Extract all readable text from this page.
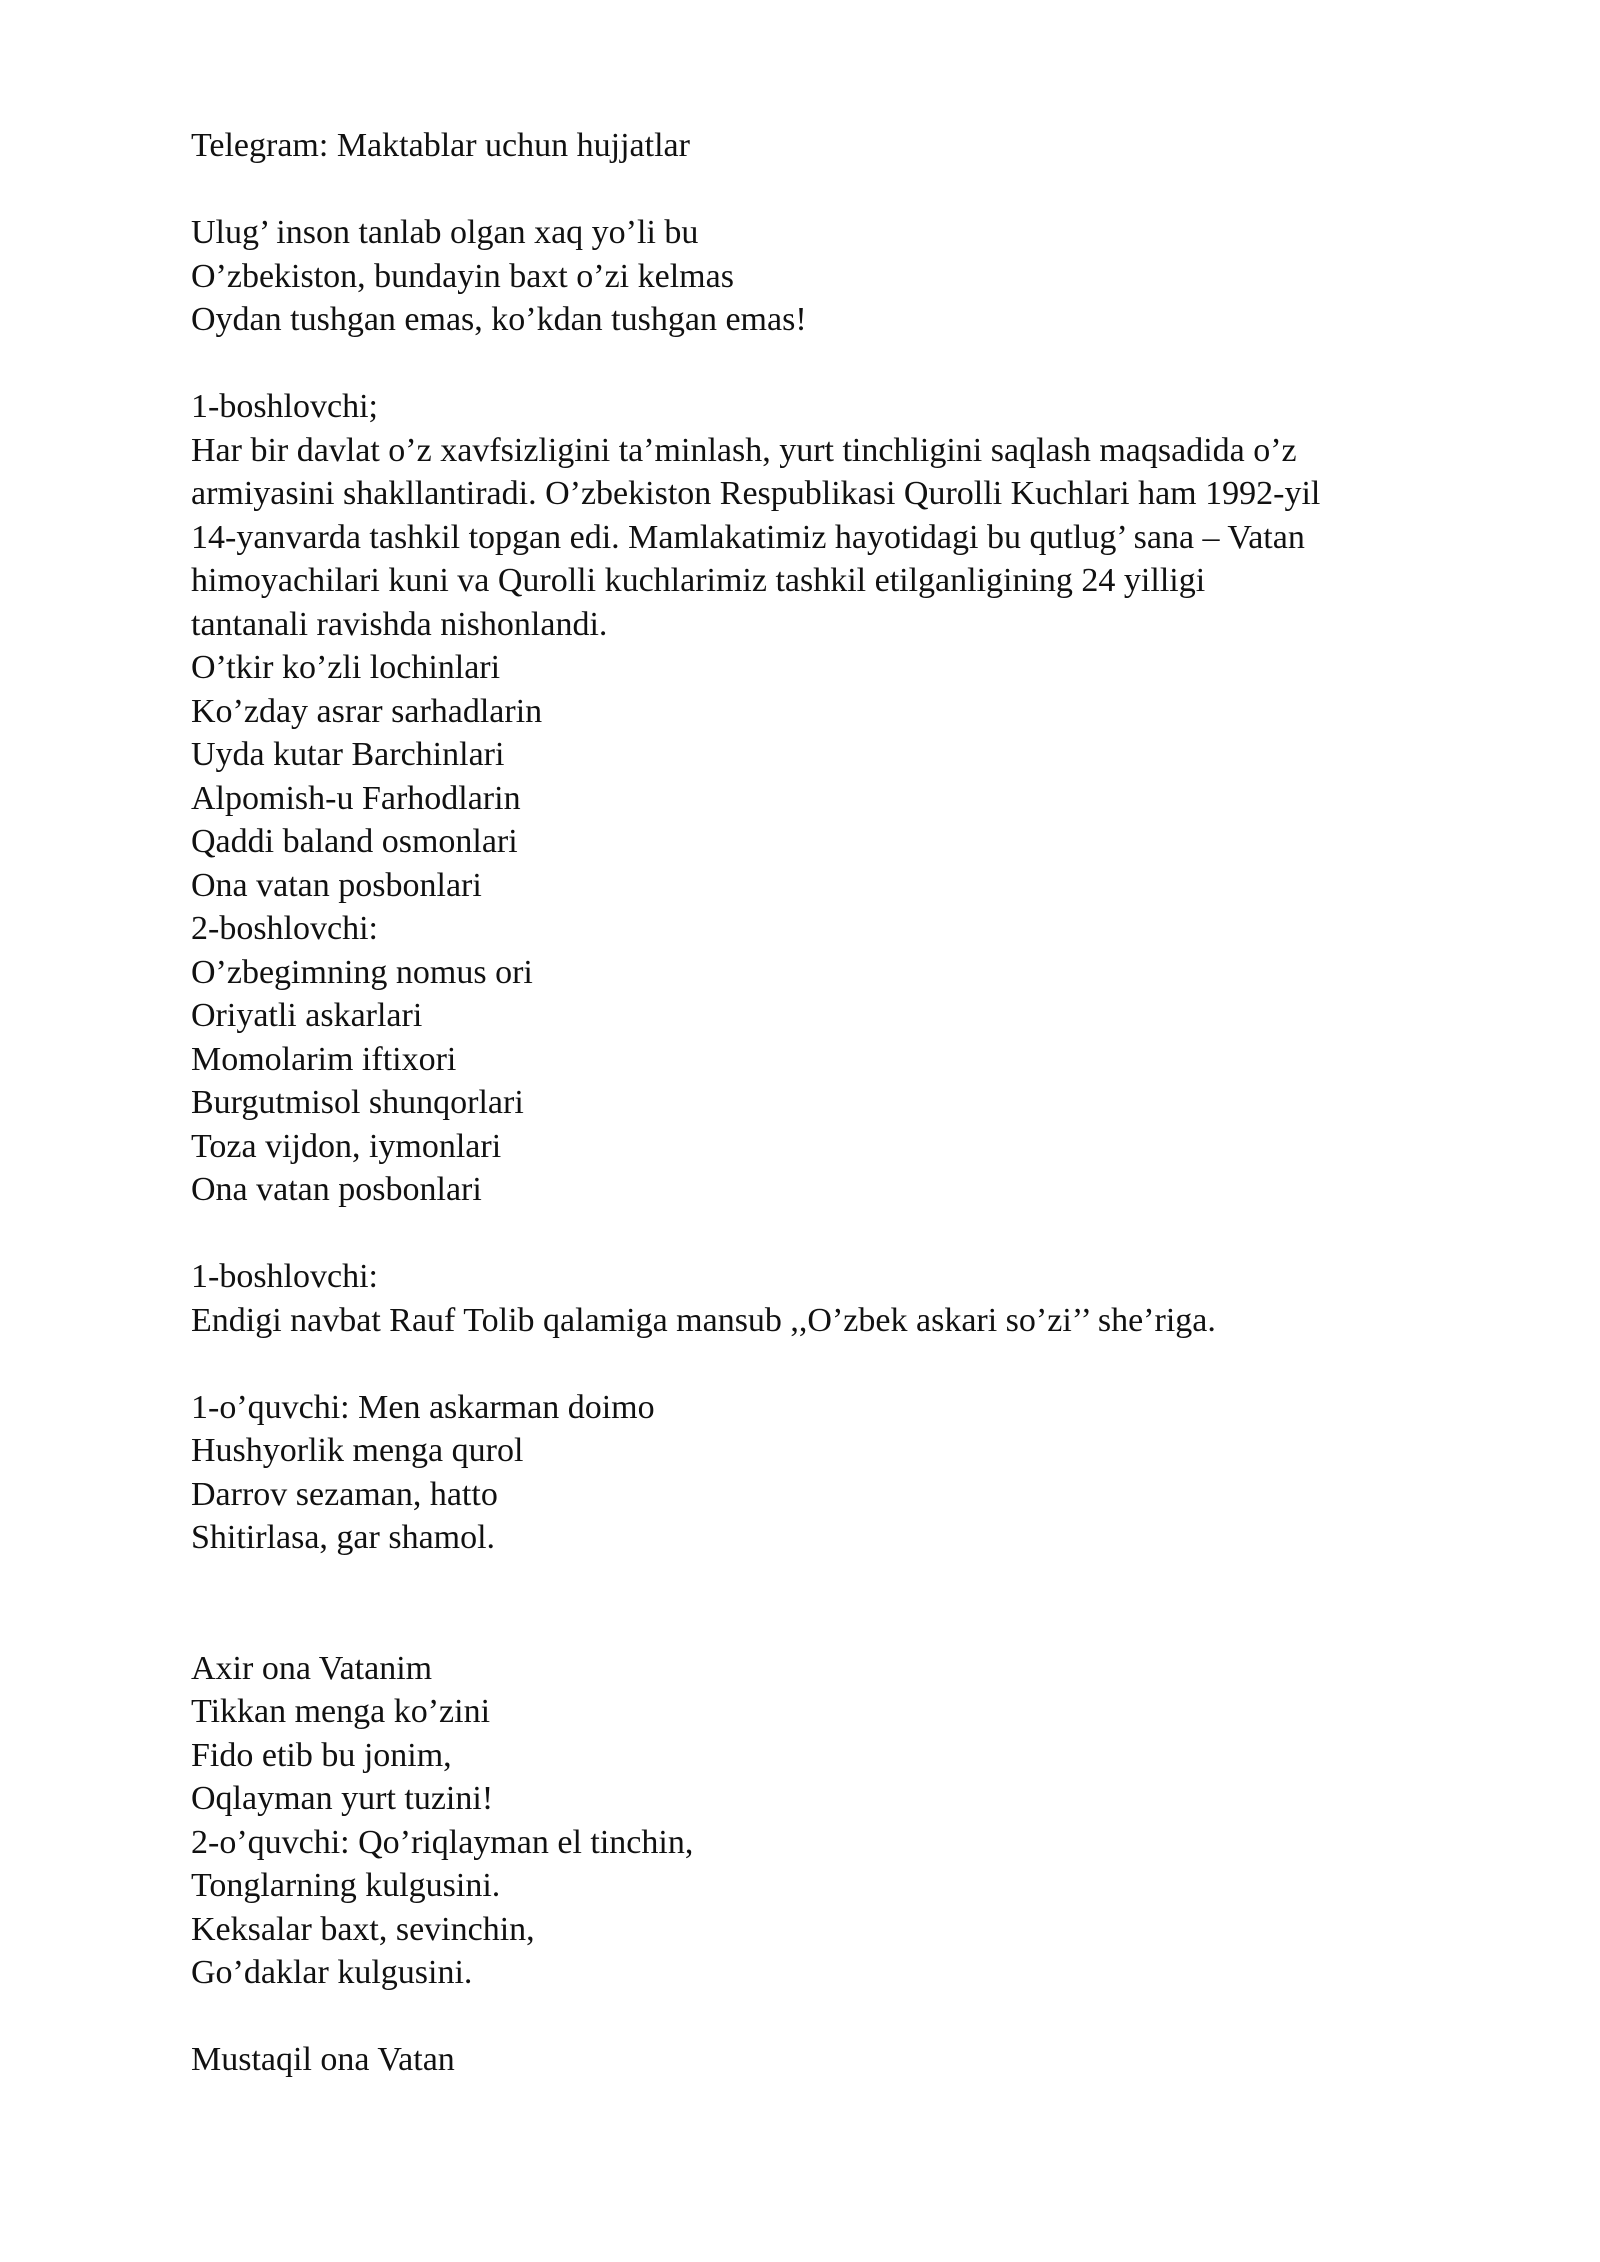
Telegram: Maktablar uchun hujjatlar
Ulug’ inson tanlab olgan xaq yo’li bu
O’zbekiston, bundayin baxt o’zi kelmas
Oydan tushgan emas, ko’kdan tushgan emas!
1-boshlovchi;
Har bir davlat o’z xavfsizligini ta’minlash, yurt tinchligini saqlash maqsadida o’z
armiyasini shakllantiradi. O’zbekiston Respublikasi Qurolli Kuchlari ham 1992-yil
14-yanvarda tashkil topgan edi. Mamlakatimiz hayotidagi bu qutlug’ sana – Vatan
himoyachilari kuni va Qurolli kuchlarimiz tashkil etilganligining 24 yilligi
tantanali ravishda nishonlandi.
O’tkir ko’zli lochinlari
Ko’zday asrar sarhadlarin
Uyda kutar Barchinlari
Alpomish-u Farhodlarin
Qaddi baland osmonlari
Ona vatan posbonlari
2-boshlovchi:
O’zbegimning nomus ori
Oriyatli askarlari
Momolarim iftixori
Burgutmisol shunqorlari
Toza vijdon, iymonlari
Ona vatan posbonlari
1-boshlovchi:
Endigi navbat Rauf Tolib qalamiga mansub ,,O’zbek askari so’zi’’ she’riga.
1-o’quvchi: Men askarman doimo
Hushyorlik menga qurol
Darrov sezaman, hatto
Shitirlasa, gar shamol.
Axir ona Vatanim
Tikkan menga ko’zini
Fido etib bu jonim,
Oqlayman yurt tuzini!
2-o’quvchi: Qo’riqlayman el tinchin,
Tonglarning kulgusini.
Keksalar baxt, sevinchin,
Go’daklar kulgusini.
Mustaqil ona Vatan
